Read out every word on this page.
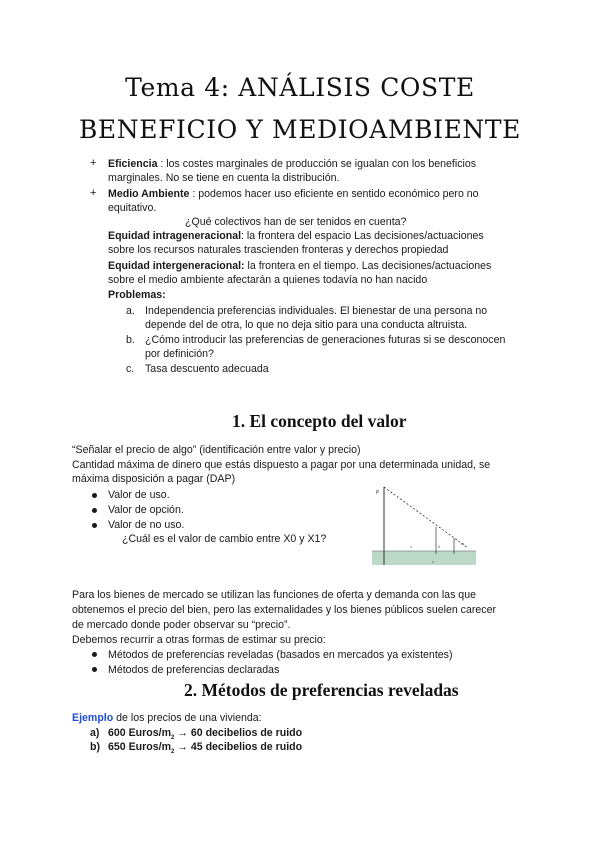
Tema 4: ANÁLISIS COSTE
BENEFICIO Y MEDIOAMBIENTE
+ Eficiencia : los costes marginales de producción se igualan con los beneficios
marginales. No se tiene en cuenta la distribución.
+ Medio Ambiente : podemos hacer uso eficiente en sentido económico pero no
equitativo.
¿Qué colectivos han de ser tenidos en cuenta?
Equidad intrageneracional: la frontera del espacio Las decisiones/actuaciones
sobre los recursos naturales trascienden fronteras y derechos propiedad
Equidad intergeneracional: la frontera en el tiempo. Las decisiones/actuaciones
sobre el medio ambiente afectarán a quienes todavía no han nacido
Problemas:
a. Independencia preferencias individuales. El bienestar de una persona no
depende del de otra, lo que no deja sitio para una conducta altruista.
b. ¿Cómo introducir las preferencias de generaciones futuras si se desconocen
por definición?
c. Tasa descuento adecuada
1. El concepto del valor
“Señalar el precio de algo” (identificación entre valor y precio)
Cantidad máxima de dinero que estás dispuesto a pagar por una determinada unidad, se
máxima disposición a pagar (DAP)
Valor de uso.
Valor de opción.
Valor de no uso.
¿Cuál es el valor de cambio entre X0 y X1?
P
x	h
m
x
Para los bienes de mercado se utilizan las funciones de oferta y demanda con las que
obtenemos el precio del bien, pero las externalidades y los bienes públicos suelen carecer
de mercado donde poder observar su “precio”.
Debemos recurrir a otras formas de estimar su precio:
Métodos de preferencias reveladas (basados en mercados ya existentes)
Métodos de preferencias declaradas
2. Métodos de preferencias reveladas
Ejemplo de los precios de una vivienda:
a) 600 Euros/$m_2 \to 60$ decibelios de ruido
b) 650 Euros/$m_2 \to 45$ decibelios de ruido
